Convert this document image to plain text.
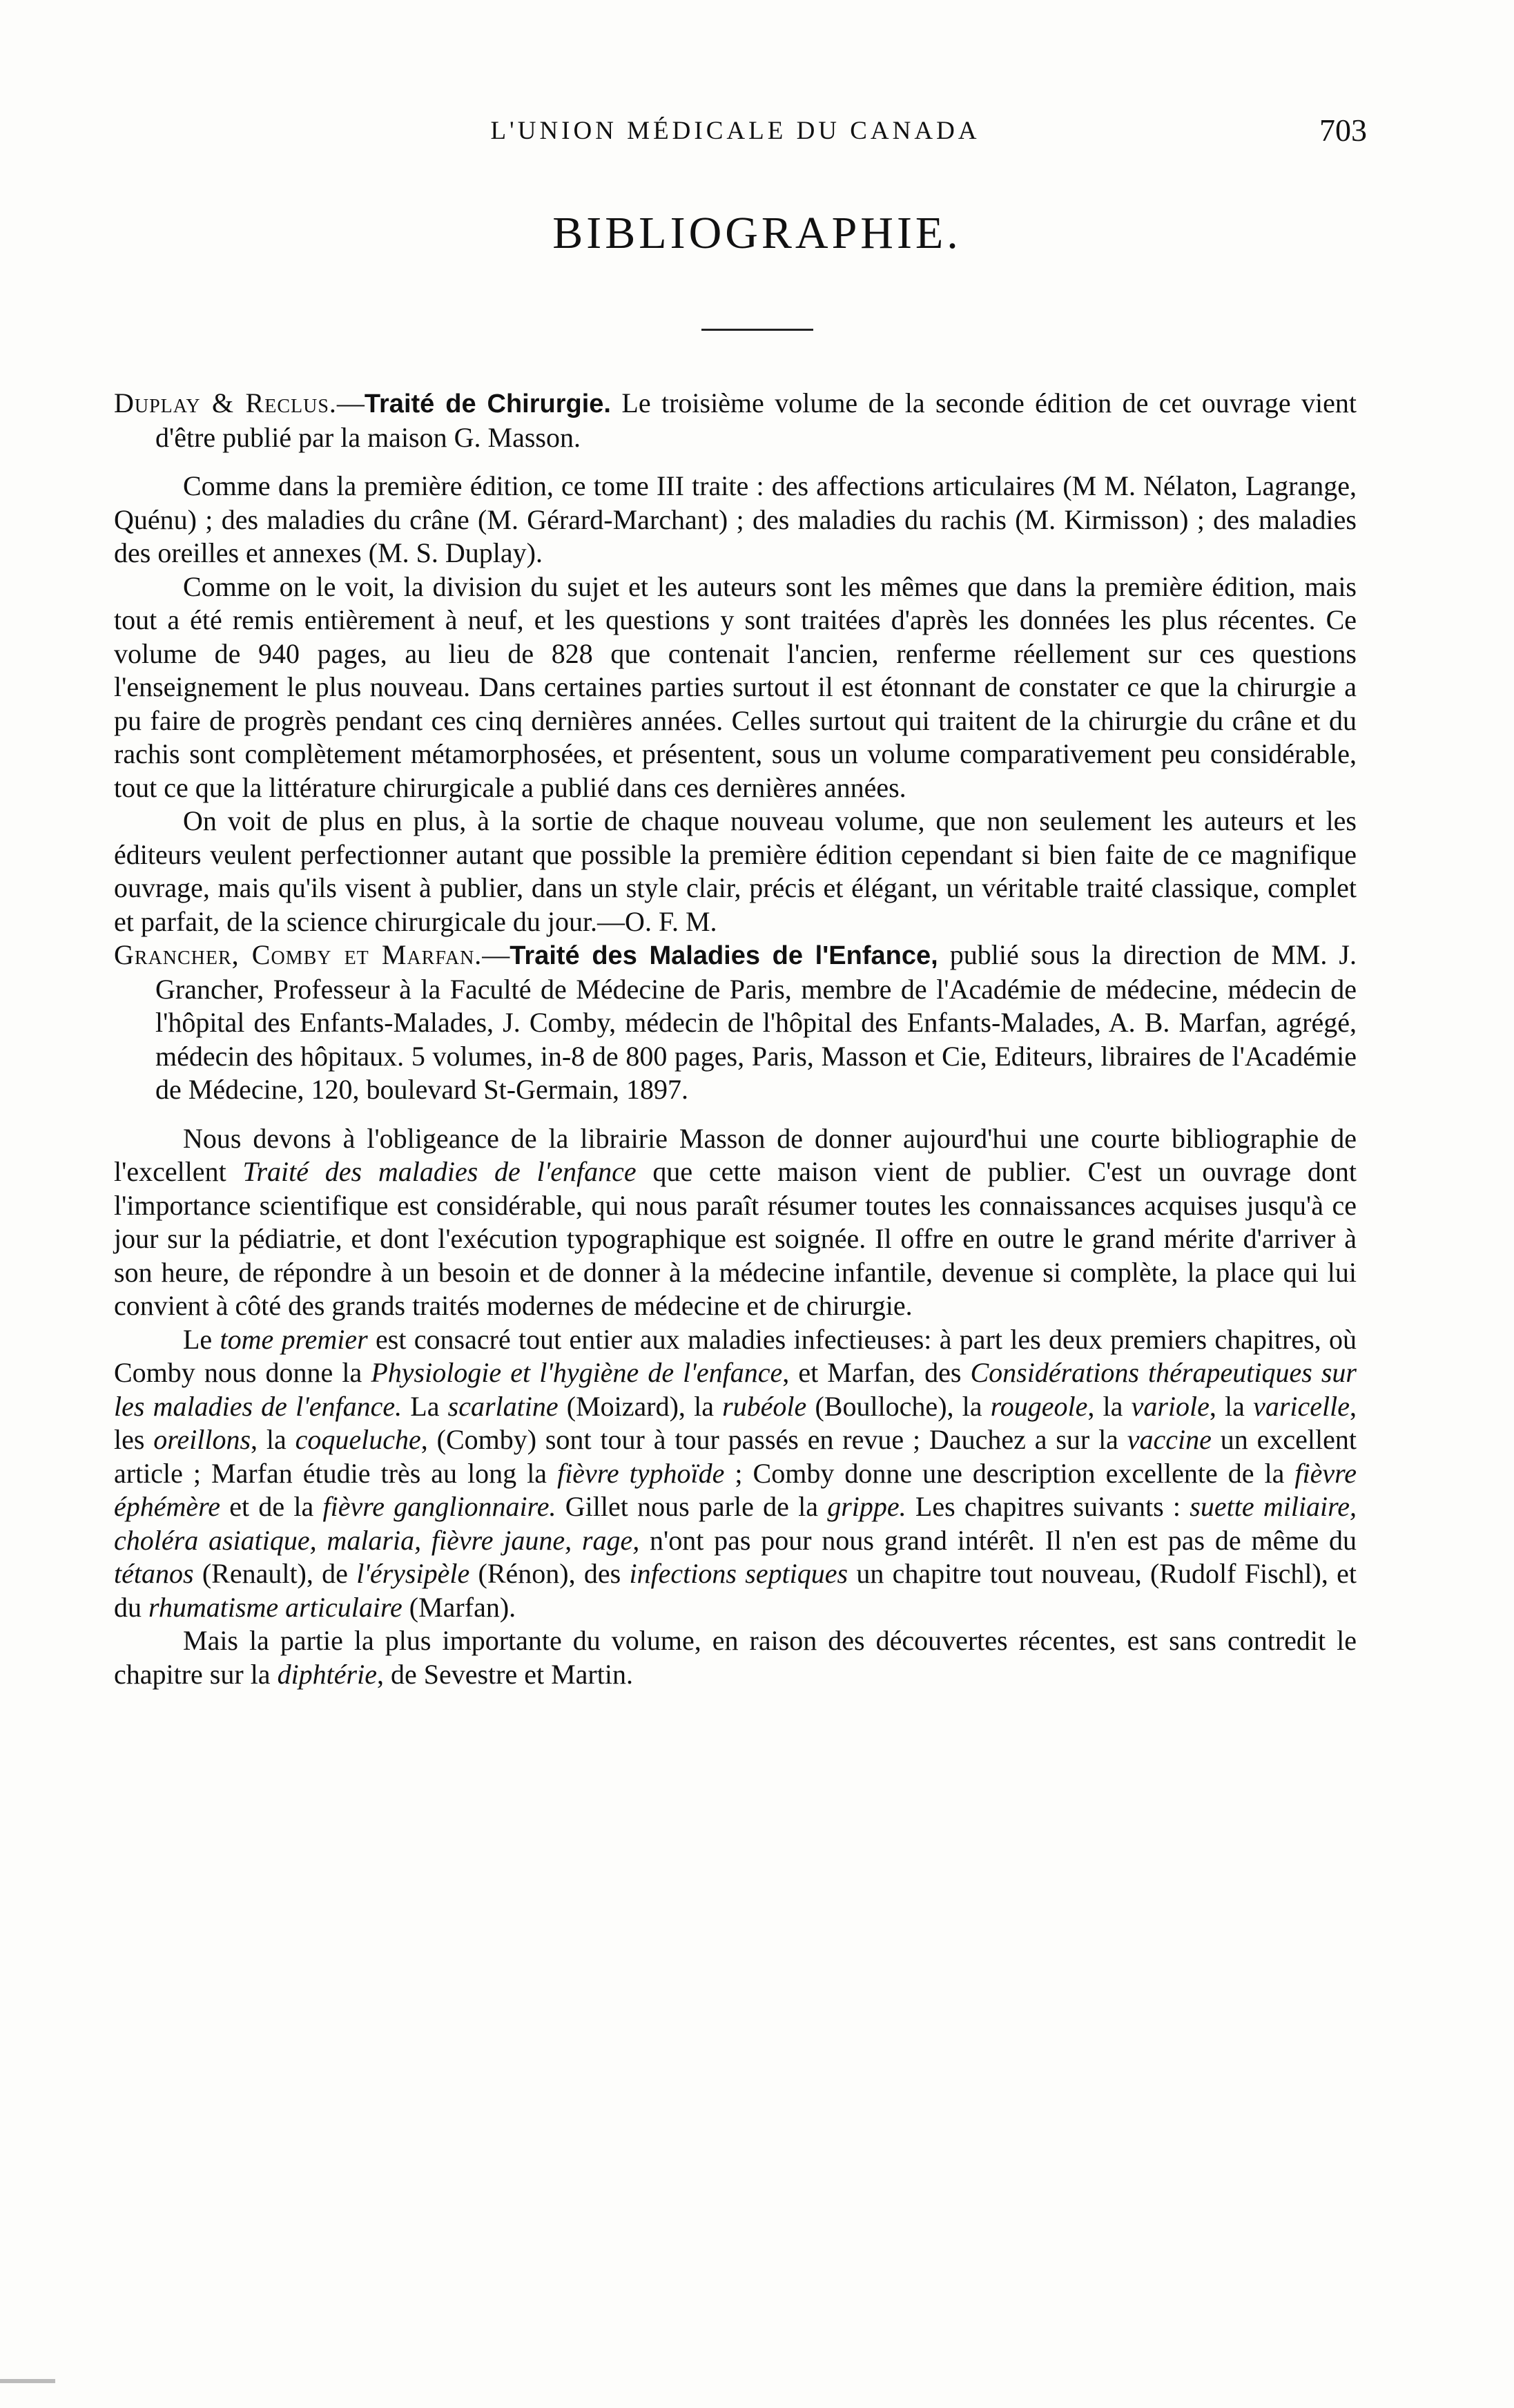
L'UNION MÉDICALE DU CANADA	703
BIBLIOGRAPHIE.

Duplay & Reclus.—Traité de Chirurgie. Le troisième volume de la seconde édition de cet ouvrage vient d'être publié par la maison G. Masson.

Comme dans la première édition, ce tome III traite : des affections articulaires (M M. Nélaton, Lagrange, Quénu) ; des maladies du crâne (M. Gérard-Marchant) ; des maladies du rachis (M. Kirmisson) ; des maladies des oreilles et annexes (M. S. Duplay).

Comme on le voit, la division du sujet et les auteurs sont les mêmes que dans la première édition, mais tout a été remis entièrement à neuf, et les questions y sont traitées d'après les données les plus récentes. Ce volume de 940 pages, au lieu de 828 que contenait l'ancien, renferme réellement sur ces questions l'enseignement le plus nouveau. Dans certaines parties surtout il est étonnant de constater ce que la chirurgie a pu faire de progrès pendant ces cinq dernières années. Celles surtout qui traitent de la chirurgie du crâne et du rachis sont complètement métamorphosées, et présentent, sous un volume comparativement peu considérable, tout ce que la littérature chirurgicale a publié dans ces dernières années.

On voit de plus en plus, à la sortie de chaque nouveau volume, que non seulement les auteurs et les éditeurs veulent perfectionner autant que possible la première édition cependant si bien faite de ce magnifique ouvrage, mais qu'ils visent à publier, dans un style clair, précis et élégant, un véritable traité classique, complet et parfait, de la science chirurgicale du jour.—O. F. M.

Grancher, Comby et Marfan.—Traité des Maladies de l'Enfance, publié sous la direction de MM. J. Grancher, Professeur à la Faculté de Médecine de Paris, membre de l'Académie de médecine, médecin de l'hôpital des Enfants-Malades, J. Comby, médecin de l'hôpital des Enfants-Malades, A. B. Marfan, agrégé, médecin des hôpitaux. 5 volumes, in-8 de 800 pages, Paris, Masson et Cie, Editeurs, libraires de l'Académie de Médecine, 120, boulevard St-Germain, 1897.

Nous devons à l'obligeance de la librairie Masson de donner aujourd'hui une courte bibliographie de l'excellent Traité des maladies de l'enfance que cette maison vient de publier. C'est un ouvrage dont l'importance scientifique est considérable, qui nous paraît résumer toutes les connaissances acquises jusqu'à ce jour sur la pédiatrie, et dont l'exécution typographique est soignée. Il offre en outre le grand mérite d'arriver à son heure, de répondre à un besoin et de donner à la médecine infantile, devenue si complète, la place qui lui convient à côté des grands traités modernes de médecine et de chirurgie.

Le tome premier est consacré tout entier aux maladies infectieuses: à part les deux premiers chapitres, où Comby nous donne la Physiologie et l'hygiène de l'enfance, et Marfan, des Considérations thérapeutiques sur les maladies de l'enfance. La scarlatine (Moizard), la rubéole (Boulloche), la rougeole, la variole, la varicelle, les oreillons, la coqueluche, (Comby) sont tour à tour passés en revue ; Dauchez a sur la vaccine un excellent article ; Marfan étudie très au long la fièvre typhoïde ; Comby donne une description excellente de la fièvre éphémère et de la fièvre ganglionnaire. Gillet nous parle de la grippe. Les chapitres suivants : suette miliaire, choléra asiatique, malaria, fièvre jaune, rage, n'ont pas pour nous grand intérêt. Il n'en est pas de même du tétanos (Renault), de l'érysipèle (Rénon), des infections septiques un chapitre tout nouveau, (Rudolf Fischl), et du rhumatisme articulaire (Marfan).

Mais la partie la plus importante du volume, en raison des découvertes récentes, est sans contredit le chapitre sur la diphtérie, de Sevestre et Martin.
